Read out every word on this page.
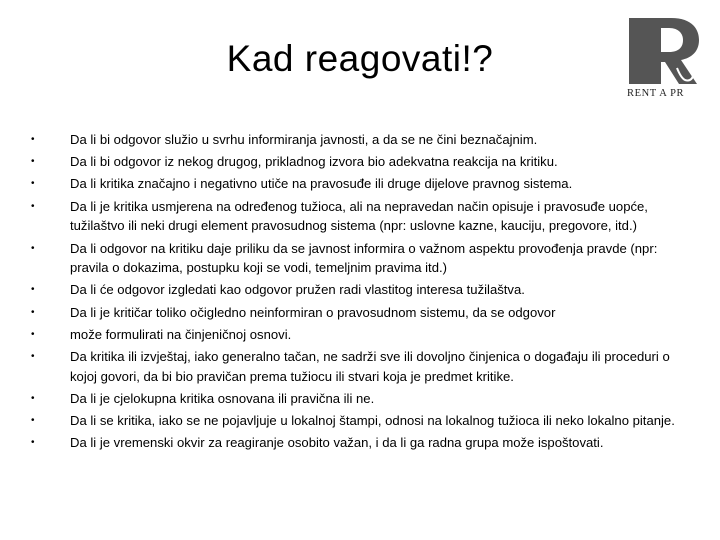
Kad reagovati!?
RENT A PR
•	Da li bi odgovor služio u svrhu informiranja javnosti, a da se ne čini beznačajnim.
•	Da li bi odgovor iz nekog drugog, prikladnog izvora bio adekvatna reakcija na kritiku.
•	Da li kritika značajno i negativno utiče na pravosuđe ili druge dijelove pravnog sistema.
•	Da li je kritika usmjerena na određenog tužioca, ali na nepravedan način opisuje i pravosuđe uopće, tužilaštvo ili neki drugi element pravosudnog sistema (npr: uslovne kazne, kauciju, pregovore, itd.)
•	Da li odgovor na kritiku daje priliku da se javnost informira o važnom aspektu provođenja pravde (npr: pravila o dokazima, postupku koji se vodi, temeljnim pravima itd.)
•	Da li će odgovor izgledati kao odgovor pružen radi vlastitog interesa tužilaštva.
•	Da li je kritičar toliko očigledno neinformiran o pravosudnom sistemu, da se odgovor
•	može formulirati na činjeničnoj osnovi.
•	Da kritika ili izvještaj, iako generalno tačan, ne sadrži sve ili dovoljno činjenica o događaju ili proceduri o kojoj govori, da bi bio pravičan prema tužiocu ili stvari koja je predmet kritike.
•	Da li je cjelokupna kritika osnovana ili pravična ili ne.
•	Da li se kritika, iako se ne pojavljuje u lokalnoj štampi, odnosi na lokalnog tužioca ili neko lokalno pitanje.
•	Da li je vremenski okvir za reagiranje osobito važan, i da li ga radna grupa može ispoštovati.
